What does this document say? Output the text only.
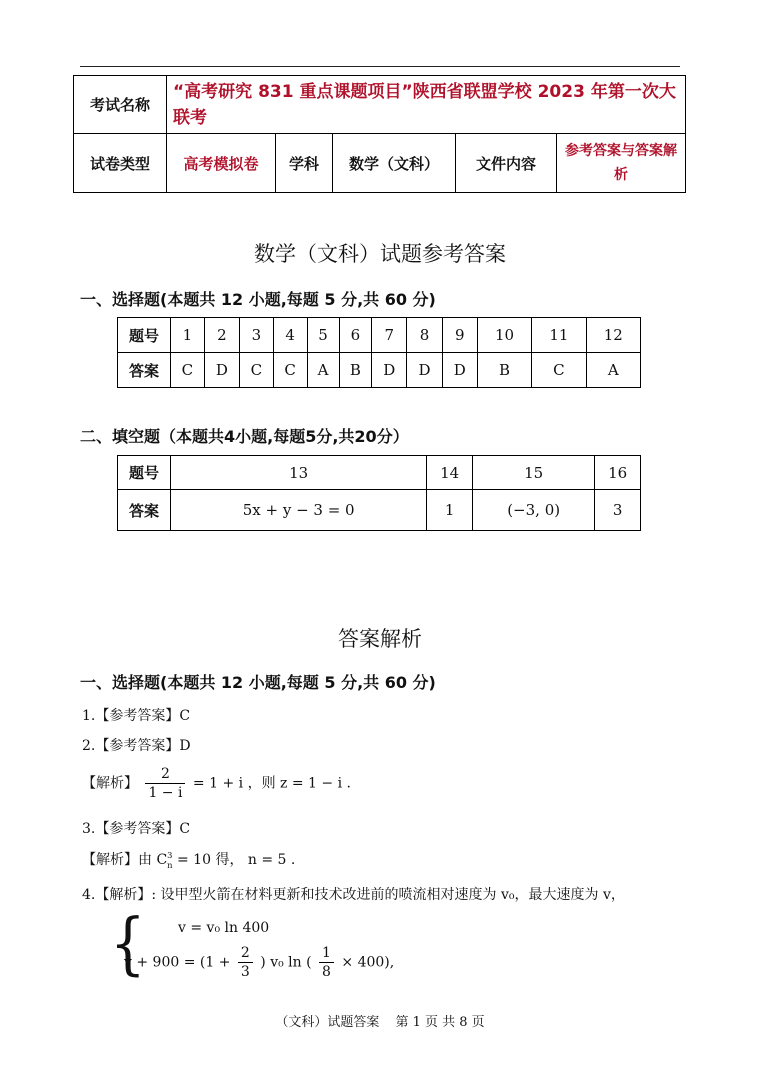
考试名称	“高考研究 831 重点课题项目”陕西省联盟学校 2023 年第一次大联考				
试卷类型	高考模拟卷	学科	数学（文科）	文件内容	参考答案与答案解析
数学（文科）试题参考答案
一、选择题(本题共 12 小题,每题 5 分,共 60 分)
题号	1	2	3	4	5	6	7	8	9	10	11	12
答案	C	D	C	C	A	B	D	D	D	B	C	A
二、填空题（本题共4小题,每题5分,共20分）
题号	13	14	15	16
答案	5x + y − 3 = 0	1	(−3, 0)	3
答案解析
一、选择题(本题共 12 小题,每题 5 分,共 60 分)
1.【参考答案】C
2.【参考答案】D
【解析】 $\frac{2}{1 - i} = 1 + i$ ，则 z = 1 − i .
3.【参考答案】C
【解析】由 C 3
n = 10 得， n = 5 .
4.【解析】: 设甲型火箭在材料更新和技术改进前的喷流相对速度为 v₀，最大速度为 v，
{ v = v₀ ln 400
$v + 900 = (1 + \frac{2}{3}$ ) v₀ ln ( $\frac{1}{8} \times 400$),
（文科）试题答案 第 1 页 共 8 页
